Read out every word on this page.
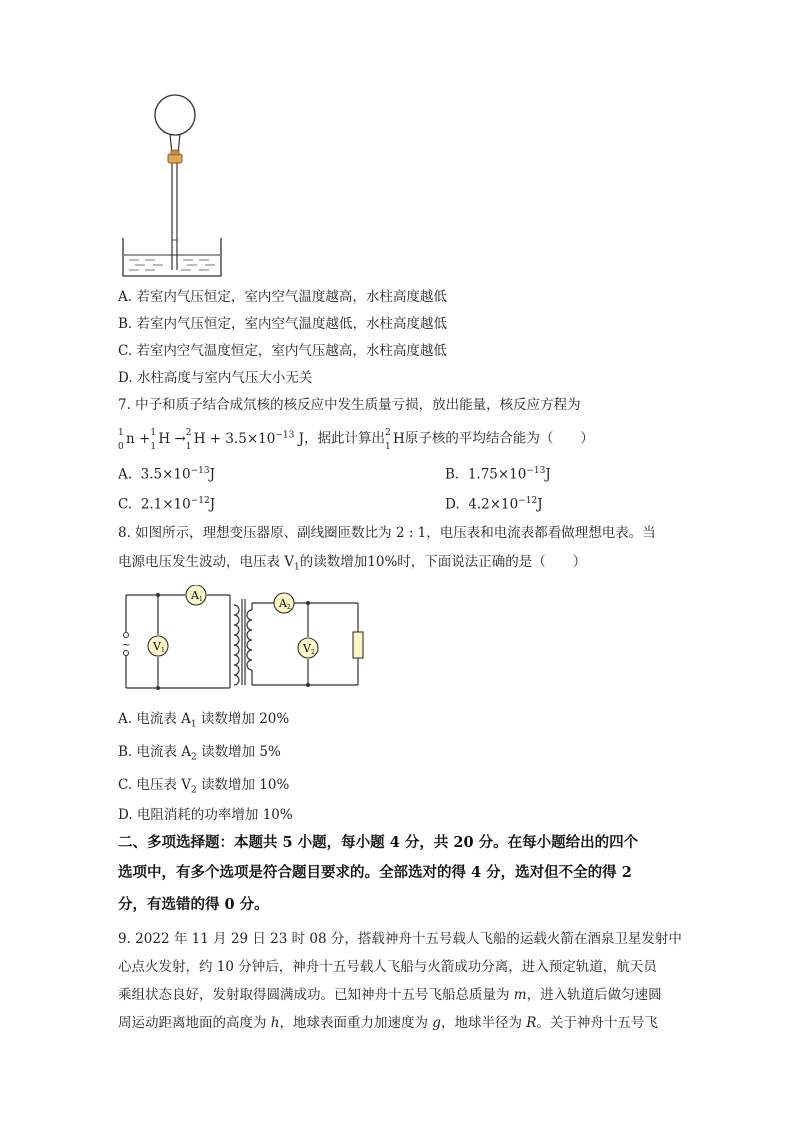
A. 若室内气压恒定，室内空气温度越高，水柱高度越低
B. 若室内气压恒定，室内空气温度越低，水柱高度越低
C. 若室内空气温度恒定，室内气压越高，水柱高度越低
D. 水柱高度与室内气压大小无关
7. 中子和质子结合成氘核的核反应中发生质量亏损，放出能量，核反应方程为
1
0 n + 1
1 H → 2
1 $H + 3.5\times 10^{-13}$ J，据此计算出 2
1 H原子核的平均结合能为（　　）
A. $3.5\times 10^{-13}J$	B. $1.75\times 10^{-13}J$
C. $2.1\times 10^{-12}J$	D. $4.2\times 10^{-12}J$
8. 如图所示，理想变压器原、副线圈匝数比为 2 : 1，电压表和电流表都看做理想电表。当
电源电压发生波动，电压表 $V_1$的读数增加10%时，下面说法正确的是（　　）
~
A 1
V 1
A 2
V 2
A. 电流表 $A_1$ 读数增加 20%
B. 电流表 $A_2$ 读数增加 5%
C. 电压表 $V_2$ 读数增加 10%
D. 电阻消耗的功率增加 10%
二、多项选择题：本题共 5 小题，每小题 4 分，共 20 分。在每小题给出的四个
选项中，有多个选项是符合题目要求的。全部选对的得 4 分，选对但不全的得 2
分，有选错的得 0 分。
9. 2022 年 11 月 29 日 23 时 08 分，搭载神舟十五号载人飞船的运载火箭在酒泉卫星发射中
心点火发射，约 10 分钟后，神舟十五号载人飞船与火箭成功分离，进入预定轨道，航天员
乘组状态良好，发射取得圆满成功。已知神舟十五号飞船总质量为 m，进入轨道后做匀速圆
周运动距离地面的高度为 h，地球表面重力加速度为 g，地球半径为 R。关于神舟十五号飞
